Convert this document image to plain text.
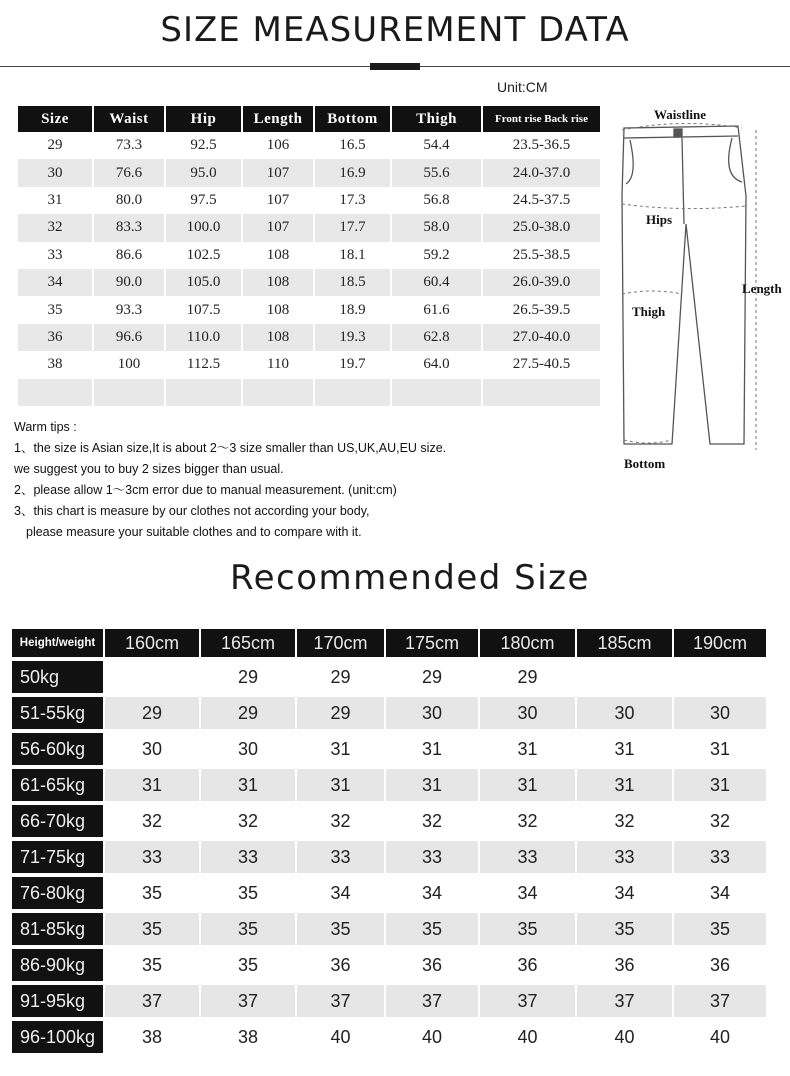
SIZE MEASUREMENT DATA
Unit:CM
Size	Waist	Hip	Length	Bottom	Thigh	Front rise Back rise
29	73.3	92.5	106	16.5	54.4	23.5-36.5
30	76.6	95.0	107	16.9	55.6	24.0-37.0
31	80.0	97.5	107	17.3	56.8	24.5-37.5
32	83.3	100.0	107	17.7	58.0	25.0-38.0
33	86.6	102.5	108	18.1	59.2	25.5-38.5
34	90.0	105.0	108	18.5	60.4	26.0-39.0
35	93.3	107.5	108	18.9	61.6	26.5-39.5
36	96.6	110.0	108	19.3	62.8	27.0-40.0
38	100	112.5	110	19.7	64.0	27.5-40.5

Waistline
Hips
Length
Thigh
Bottom
Warm tips :
1、the size is Asian size,It is about 2～3 size smaller than US,UK,AU,EU size.
we suggest you to buy 2 sizes bigger than usual.
2、please allow 1～3cm error due to manual measurement. (unit:cm)
3、this chart is measure by our clothes not according your body,
please measure your suitable clothes and to compare with it.
Recommended Size
Height/weight	160cm	165cm	170cm	175cm	180cm	185cm	190cm
50kg		29	29	29	29		
51-55kg	29	29	29	30	30	30	30
56-60kg	30	30	31	31	31	31	31
61-65kg	31	31	31	31	31	31	31
66-70kg	32	32	32	32	32	32	32
71-75kg	33	33	33	33	33	33	33
76-80kg	35	35	34	34	34	34	34
81-85kg	35	35	35	35	35	35	35
86-90kg	35	35	36	36	36	36	36
91-95kg	37	37	37	37	37	37	37
96-100kg	38	38	40	40	40	40	40
